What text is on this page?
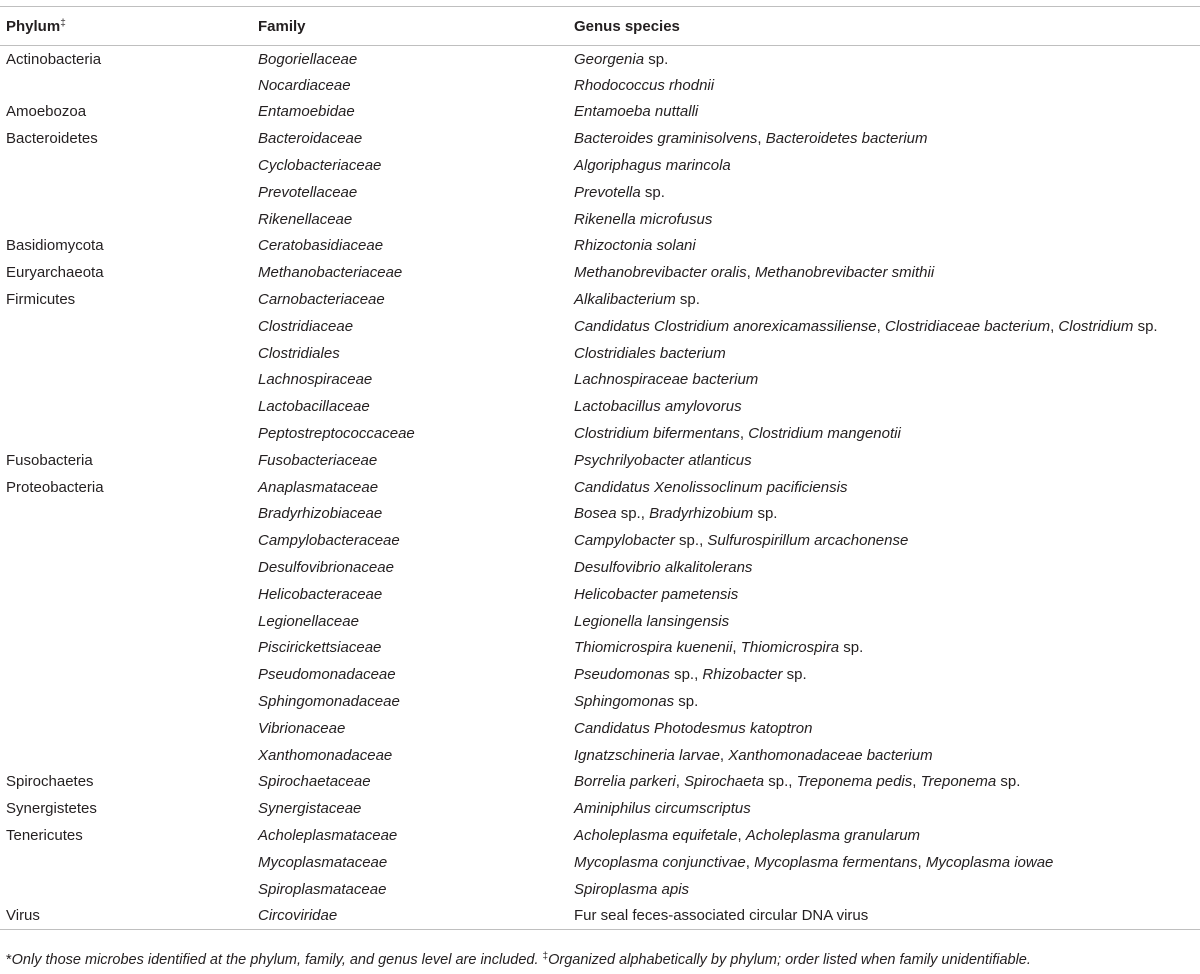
Phylum‡	Family	Genus species
Actinobacteria	Bogoriellaceae	Georgenia sp.
	Nocardiaceae	Rhodococcus rhodnii
Amoebozoa	Entamoebidae	Entamoeba nuttalli
Bacteroidetes	Bacteroidaceae	Bacteroides graminisolvens, Bacteroidetes bacterium
	Cyclobacteriaceae	Algoriphagus marincola
	Prevotellaceae	Prevotella sp.
	Rikenellaceae	Rikenella microfusus
Basidiomycota	Ceratobasidiaceae	Rhizoctonia solani
Euryarchaeota	Methanobacteriaceae	Methanobrevibacter oralis, Methanobrevibacter smithii
Firmicutes	Carnobacteriaceae	Alkalibacterium sp.
	Clostridiaceae	Candidatus Clostridium anorexicamassiliense, Clostridiaceae bacterium, Clostridium sp.
	Clostridiales	Clostridiales bacterium
	Lachnospiraceae	Lachnospiraceae bacterium
	Lactobacillaceae	Lactobacillus amylovorus
	Peptostreptococcaceae	Clostridium bifermentans, Clostridium mangenotii
Fusobacteria	Fusobacteriaceae	Psychrilyobacter atlanticus
Proteobacteria	Anaplasmataceae	Candidatus Xenolissoclinum pacificiensis
	Bradyrhizobiaceae	Bosea sp., Bradyrhizobium sp.
	Campylobacteraceae	Campylobacter sp., Sulfurospirillum arcachonense
	Desulfovibrionaceae	Desulfovibrio alkalitolerans
	Helicobacteraceae	Helicobacter pametensis
	Legionellaceae	Legionella lansingensis
	Piscirickettsiaceae	Thiomicrospira kuenenii, Thiomicrospira sp.
	Pseudomonadaceae	Pseudomonas sp., Rhizobacter sp.
	Sphingomonadaceae	Sphingomonas sp.
	Vibrionaceae	Candidatus Photodesmus katoptron
	Xanthomonadaceae	Ignatzschineria larvae, Xanthomonadaceae bacterium
Spirochaetes	Spirochaetaceae	Borrelia parkeri, Spirochaeta sp., Treponema pedis, Treponema sp.
Synergistetes	Synergistaceae	Aminiphilus circumscriptus
Tenericutes	Acholeplasmataceae	Acholeplasma equifetale, Acholeplasma granularum
	Mycoplasmataceae	Mycoplasma conjunctivae, Mycoplasma fermentans, Mycoplasma iowae
	Spiroplasmataceae	Spiroplasma apis
Virus	Circoviridae	Fur seal feces-associated circular DNA virus
*Only those microbes identified at the phylum, family, and genus level are included. ‡Organized alphabetically by phylum; order listed when family unidentifiable.
